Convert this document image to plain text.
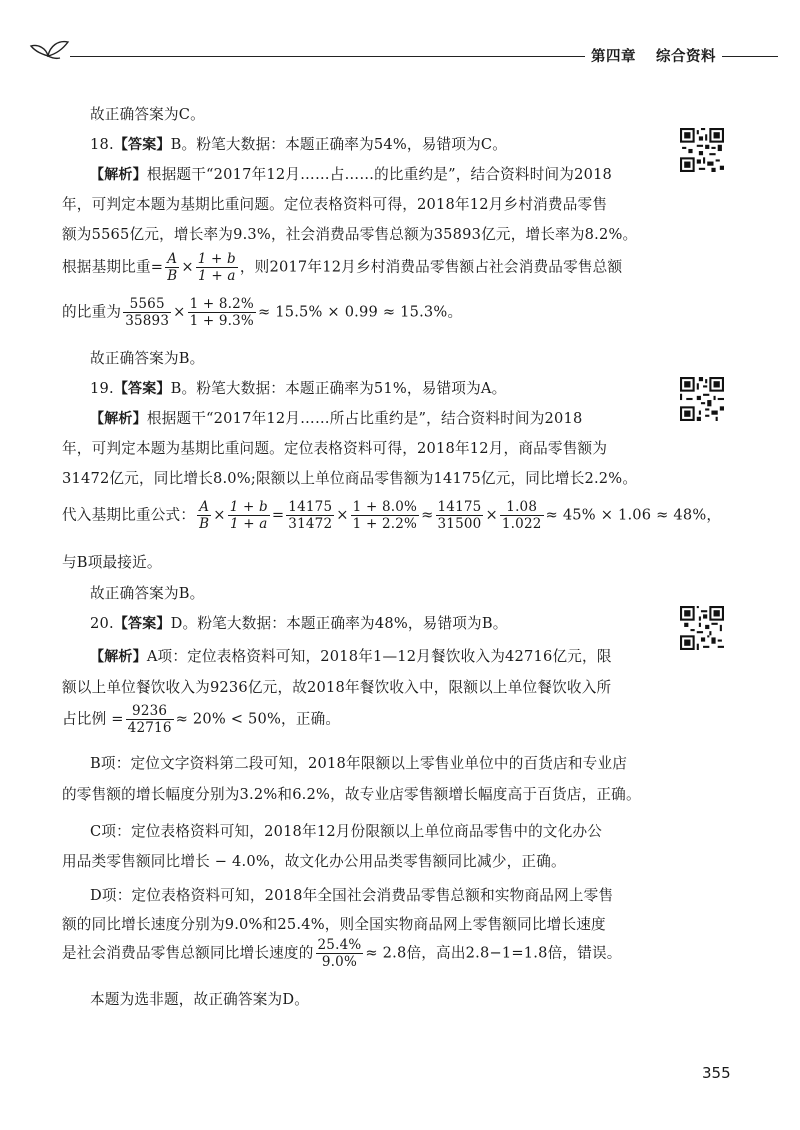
第四章 综合资料
故正确答案为C。
18.【答案】B。粉笔大数据：本题正确率为54%，易错项为C。
【解析】根据题干“2017年12月……占……的比重约是”，结合资料时间为2018
年，可判定本题为基期比重问题。定位表格资料可得，2018年12月乡村消费品零售
额为5565亿元，增长率为9.3%，社会消费品零售总额为35893亿元，增长率为8.2%。
根据基期比重= $\frac{A}{B} \times \frac{1 + b}{1 + a}$ ，则2017年12月乡村消费品零售额占社会消费品零售总额
的比重为 $\frac{5565}{35893} \times \frac{1 + 8.2\%}{1 + 9.3\%} \approx 15.5\% \times 0.99 \approx 15.3\%$。
故正确答案为B。
19.【答案】B。粉笔大数据：本题正确率为51%，易错项为A。
【解析】根据题干“2017年12月……所占比重约是”，结合资料时间为2018
年，可判定本题为基期比重问题。定位表格资料可得，2018年12月，商品零售额为
31472亿元，同比增长8.0%;限额以上单位商品零售额为14175亿元，同比增长2.2%。
代入基期比重公式： $\frac{A}{B} \times \frac{1 + b}{1 + a} = \frac{14175}{31472} \times \frac{1 + 8.0\%}{1 + 2.2\%} \approx \frac{14175}{31500} \times \frac{1.08}{1.022} \approx 45\% \times 1.06 \approx 48\%$，
与B项最接近。
故正确答案为B。
20.【答案】D。粉笔大数据：本题正确率为48%，易错项为B。
【解析】A项：定位表格资料可知，2018年1—12月餐饮收入为42716亿元，限
额以上单位餐饮收入为9236亿元，故2018年餐饮收入中，限额以上单位餐饮收入所
占比例 = $\frac{9236}{42716} \approx 20\% < 50\%$，正确。
B项：定位文字资料第二段可知，2018年限额以上零售业单位中的百货店和专业店
的零售额的增长幅度分别为3.2%和6.2%，故专业店零售额增长幅度高于百货店，正确。
C项：定位表格资料可知，2018年12月份限额以上单位商品零售中的文化办公
用品类零售额同比增长 − 4.0%，故文化办公用品类零售额同比减少，正确。
D项：定位表格资料可知，2018年全国社会消费品零售总额和实物商品网上零售
额的同比增长速度分别为9.0%和25.4%，则全国实物商品网上零售额同比增长速度
是社会消费品零售总额同比增长速度的 $\frac{25.4\%}{9.0\%} \approx 2.8$倍，高出2.8−1=1.8倍，错误。
本题为选非题，故正确答案为D。
355
